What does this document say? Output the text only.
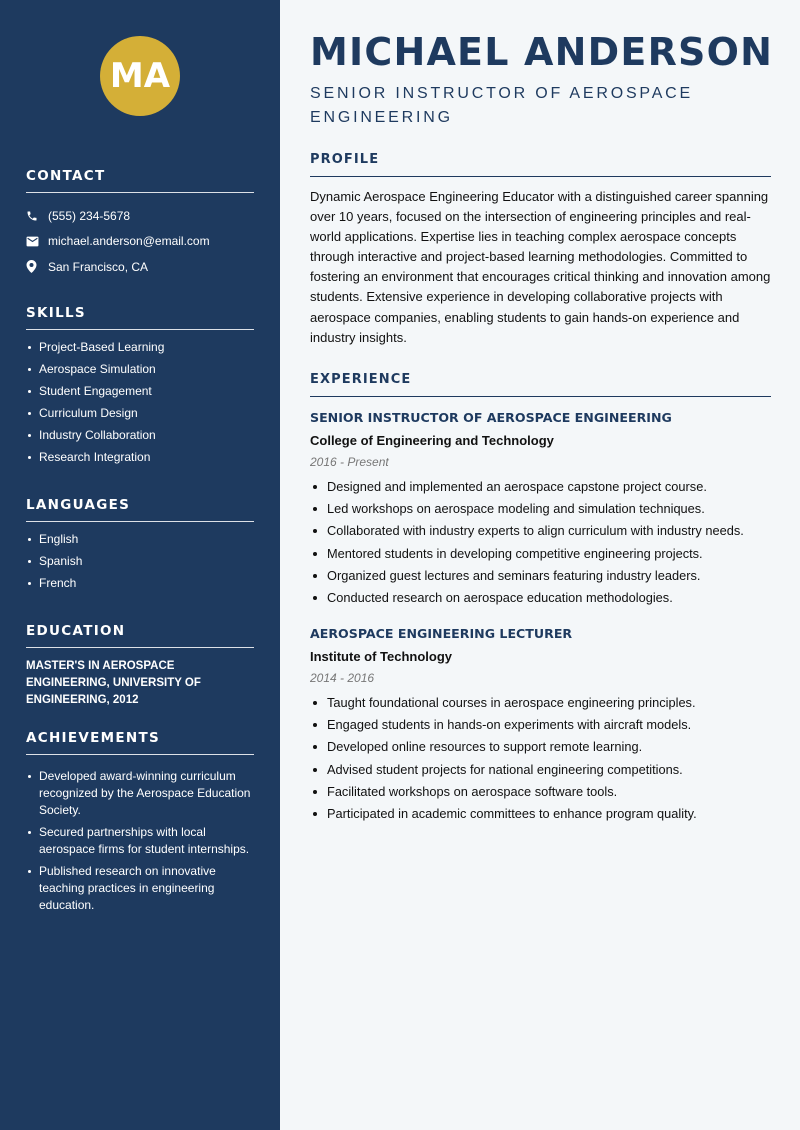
MA
CONTACT
(555) 234-5678
michael.anderson@email.com
San Francisco, CA
SKILLS
Project-Based Learning
Aerospace Simulation
Student Engagement
Curriculum Design
Industry Collaboration
Research Integration
LANGUAGES
English
Spanish
French
EDUCATION
MASTER'S IN AEROSPACE ENGINEERING, UNIVERSITY OF ENGINEERING, 2012
ACHIEVEMENTS
Developed award-winning curriculum recognized by the Aerospace Education Society.
Secured partnerships with local aerospace firms for student internships.
Published research on innovative teaching practices in engineering education.
MICHAEL ANDERSON
SENIOR INSTRUCTOR OF AEROSPACE ENGINEERING
PROFILE
Dynamic Aerospace Engineering Educator with a distinguished career spanning over 10 years, focused on the intersection of engineering principles and real-world applications. Expertise lies in teaching complex aerospace concepts through interactive and project-based learning methodologies. Committed to fostering an environment that encourages critical thinking and innovation among students. Extensive experience in developing collaborative projects with aerospace companies, enabling students to gain hands-on experience and industry insights.
EXPERIENCE
SENIOR INSTRUCTOR OF AEROSPACE ENGINEERING
College of Engineering and Technology
2016 - Present
Designed and implemented an aerospace capstone project course.
Led workshops on aerospace modeling and simulation techniques.
Collaborated with industry experts to align curriculum with industry needs.
Mentored students in developing competitive engineering projects.
Organized guest lectures and seminars featuring industry leaders.
Conducted research on aerospace education methodologies.
AEROSPACE ENGINEERING LECTURER
Institute of Technology
2014 - 2016
Taught foundational courses in aerospace engineering principles.
Engaged students in hands-on experiments with aircraft models.
Developed online resources to support remote learning.
Advised student projects for national engineering competitions.
Facilitated workshops on aerospace software tools.
Participated in academic committees to enhance program quality.
